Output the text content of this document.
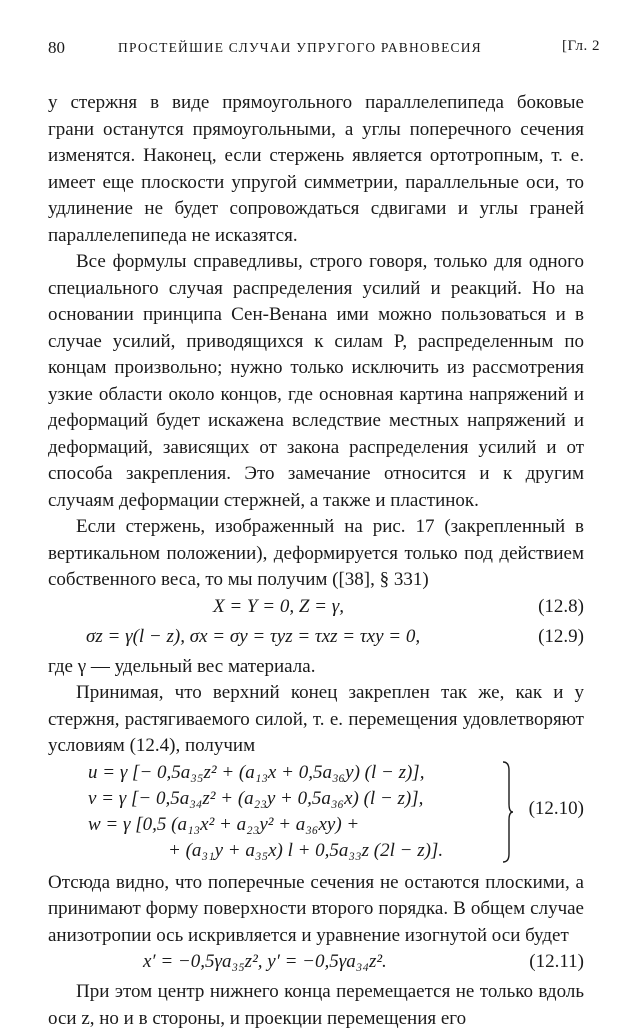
80	ПРОСТЕЙШИЕ СЛУЧАИ УПРУГОГО РАВНОВЕСИЯ	[Гл. 2

у стержня в виде прямоугольного параллелепипеда боковые грани останутся прямоугольными, а углы поперечного сечения изменятся. Наконец, если стержень является ортотропным, т. е. имеет еще плоскости упругой симметрии, параллельные оси, то удлинение не будет сопровождаться сдвигами и углы граней параллелепипеда не исказятся.

Все формулы справедливы, строго говоря, только для одного специального случая распределения усилий и реакций. Но на основании принципа Сен-Венана ими можно пользоваться и в случае усилий, приводящихся к силам P, распределенным по концам произвольно; нужно только исключить из рассмотрения узкие области около концов, где основная картина напряжений и деформаций будет искажена вследствие местных напряжений и деформаций, зависящих от закона распределения усилий и от способа закрепления. Это замечание относится и к другим случаям деформации стержней, а также и пластинок.

Если стержень, изображенный на рис. 17 (закрепленный в вертикальном положении), деформируется только под действием собственного веса, то мы получим ([38], § 331)

X = Y = 0, Z = γ,	(12.8)
σz = γ(l − z), σx = σy = τyz = τxz = τxy = 0,	(12.9)

где γ — удельный вес материала.

Принимая, что верхний конец закреплен так же, как и у стержня, растягиваемого силой, т. е. перемещения удовлетворяют условиям (12.4), получим

u = γ [− 0,5a₃₅z² + (a₁₃x + 0,5a₃₆y) (l − z)],
v = γ [− 0,5a₃₄z² + (a₂₃y + 0,5a₃₆x) (l − z)],
w = γ [0,5 (a₁₃x² + a₂₃y² + a₃₆xy) +
+ (a₃₁y + a₃₅x) l + 0,5a₃₃z (2l − z)].
(12.10)

Отсюда видно, что поперечные сечения не остаются плоскими, а принимают форму поверхности второго порядка. В общем случае анизотропии ось искривляется и уравнение изогнутой оси будет

x′ = −0,5γa₃₅z², y′ = −0,5γa₃₄z².	(12.11)

При этом центр нижнего конца перемещается не только вдоль оси z, но и в стороны, и проекции перемещения его
